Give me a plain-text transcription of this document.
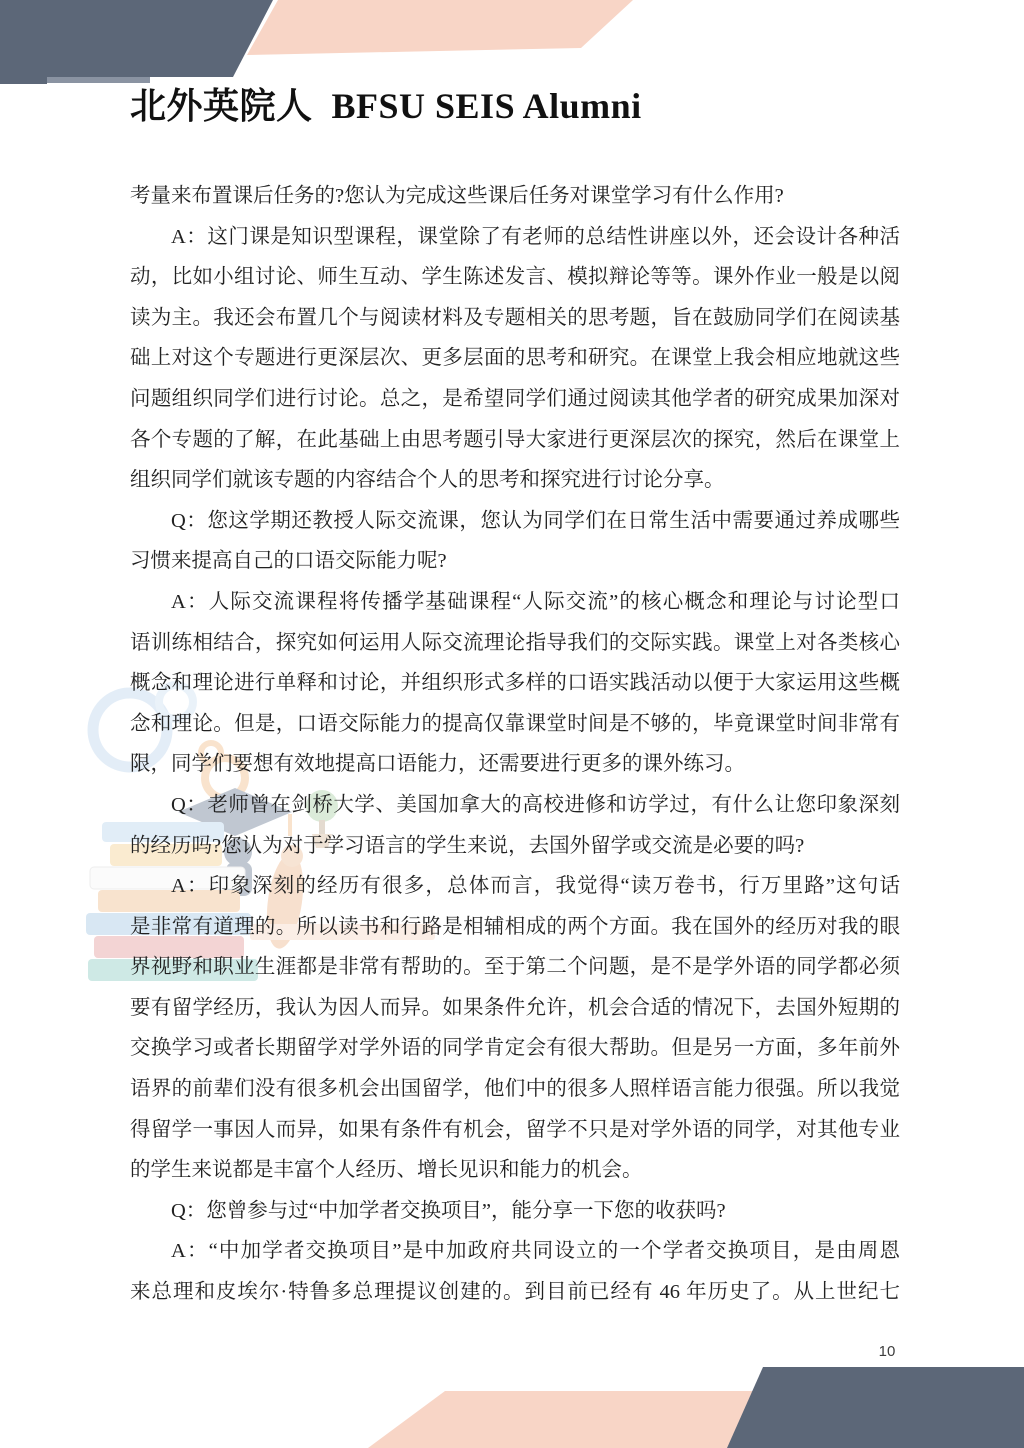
北外英院人  BFSU SEIS Alumni
考量来布置课后任务的?您认为完成这些课后任务对课堂学习有什么作用?
A：这门课是知识型课程，课堂除了有老师的总结性讲座以外，还会设计各种活
动，比如小组讨论、师生互动、学生陈述发言、模拟辩论等等。课外作业一般是以阅
读为主。我还会布置几个与阅读材料及专题相关的思考题，旨在鼓励同学们在阅读基
础上对这个专题进行更深层次、更多层面的思考和研究。在课堂上我会相应地就这些
问题组织同学们进行讨论。总之，是希望同学们通过阅读其他学者的研究成果加深对
各个专题的了解，在此基础上由思考题引导大家进行更深层次的探究，然后在课堂上
组织同学们就该专题的内容结合个人的思考和探究进行讨论分享。
Q：您这学期还教授人际交流课，您认为同学们在日常生活中需要通过养成哪些
习惯来提高自己的口语交际能力呢?
A：人际交流课程将传播学基础课程“人际交流”的核心概念和理论与讨论型口
语训练相结合，探究如何运用人际交流理论指导我们的交际实践。课堂上对各类核心
概念和理论进行单释和讨论，并组织形式多样的口语实践活动以便于大家运用这些概
念和理论。但是，口语交际能力的提高仅靠课堂时间是不够的，毕竟课堂时间非常有
限，同学们要想有效地提高口语能力，还需要进行更多的课外练习。
Q：老师曾在剑桥大学、美国加拿大的高校进修和访学过，有什么让您印象深刻
的经历吗?您认为对于学习语言的学生来说，去国外留学或交流是必要的吗?
A：印象深刻的经历有很多，总体而言，我觉得“读万卷书，行万里路”这句话
是非常有道理的。所以读书和行路是相辅相成的两个方面。我在国外的经历对我的眼
界视野和职业生涯都是非常有帮助的。至于第二个问题，是不是学外语的同学都必须
要有留学经历，我认为因人而异。如果条件允许，机会合适的情况下，去国外短期的
交换学习或者长期留学对学外语的同学肯定会有很大帮助。但是另一方面，多年前外
语界的前辈们没有很多机会出国留学，他们中的很多人照样语言能力很强。所以我觉
得留学一事因人而异，如果有条件有机会，留学不只是对学外语的同学，对其他专业
的学生来说都是丰富个人经历、增长见识和能力的机会。
Q：您曾参与过“中加学者交换项目”，能分享一下您的收获吗?
A：“中加学者交换项目”是中加政府共同设立的一个学者交换项目，是由周恩
来总理和皮埃尔·特鲁多总理提议创建的。到目前已经有 46 年历史了。从上世纪七
10
